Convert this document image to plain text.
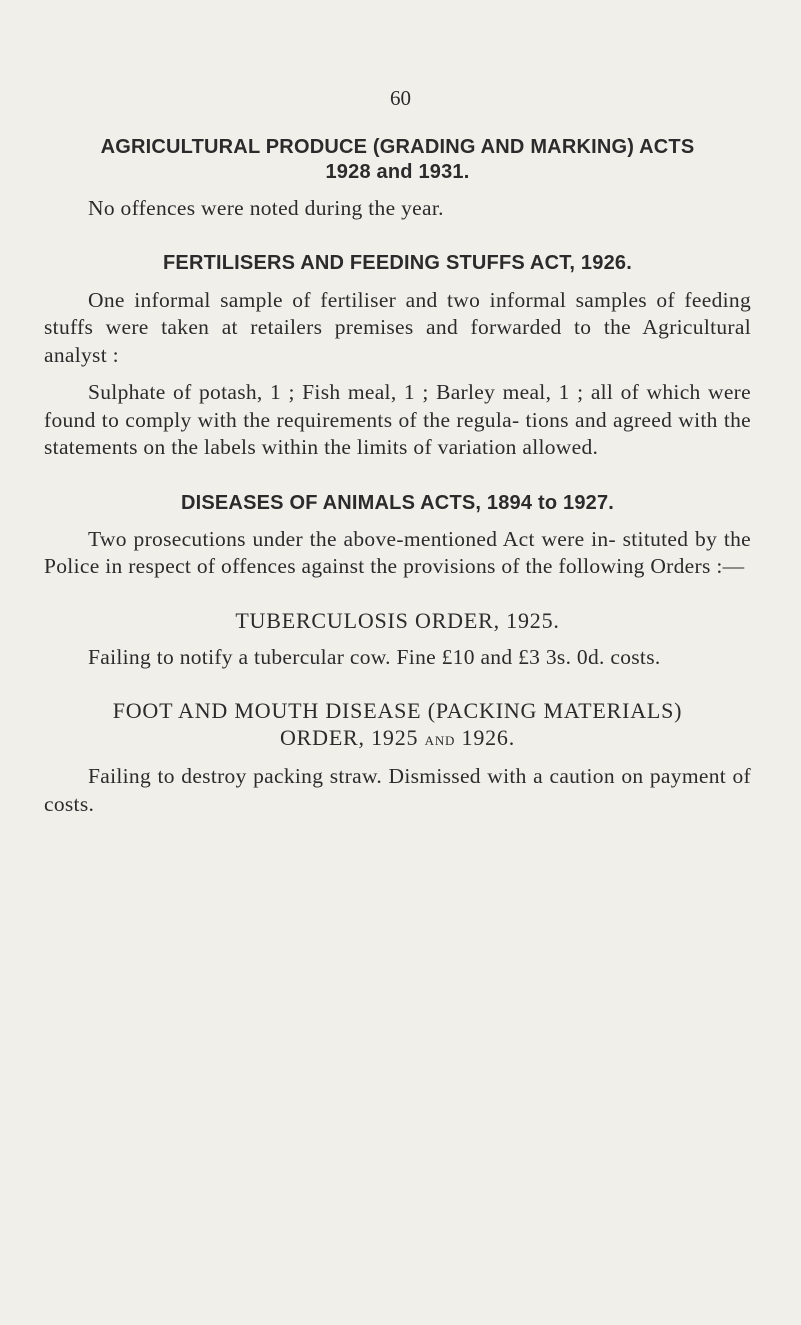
60

AGRICULTURAL PRODUCE (GRADING AND MARKING) ACTS

1928 and 1931.

No offences were noted during the year.

FERTILISERS AND FEEDING STUFFS ACT, 1926.

One informal sample of fertiliser and two informal samples of feeding stuffs were taken at retailers premises and forwarded to the Agricultural analyst :

Sulphate of potash, 1 ; Fish meal, 1 ; Barley meal, 1 ; all of which were found to comply with the requirements of the regula- tions and agreed with the statements on the labels within the limits of variation allowed.

DISEASES OF ANIMALS ACTS, 1894 to 1927.

Two prosecutions under the above-mentioned Act were in- stituted by the Police in respect of offences against the provisions of the following Orders :—

TUBERCULOSIS ORDER, 1925.

Failing to notify a tubercular cow. Fine £10 and £3 3s. 0d. costs.

FOOT AND MOUTH DISEASE (PACKING MATERIALS)

ORDER, 1925 and 1926.

Failing to destroy packing straw. Dismissed with a caution on payment of costs.
